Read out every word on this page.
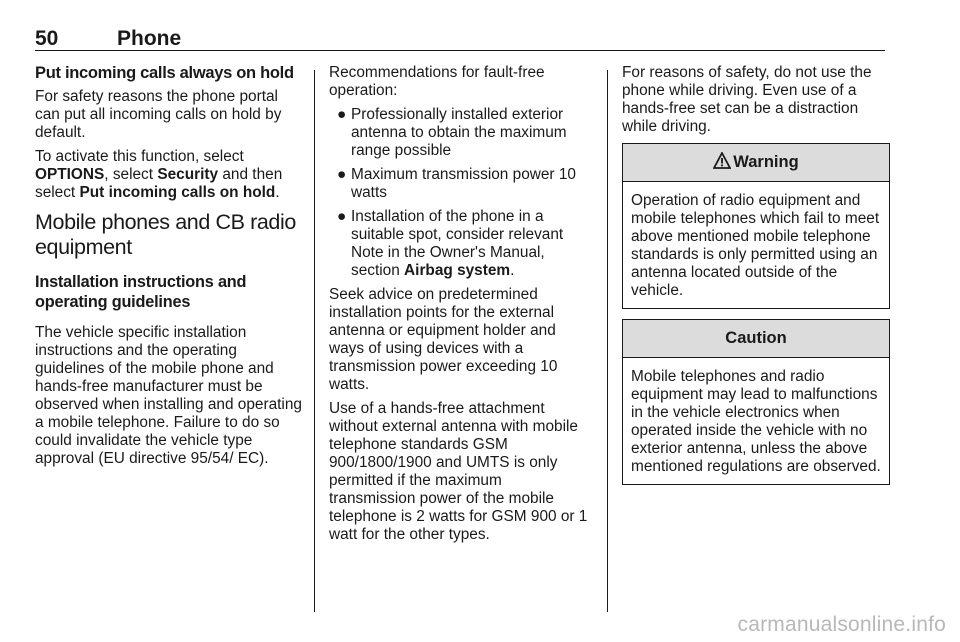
50	Phone
Put incoming calls always on hold

For safety reasons the phone portal can put all incoming calls on hold by default.

To activate this function, select
OPTIONS, select Security and then select Put incoming calls on hold.

Mobile phones and CB radio equipment
Installation instructions and operating guidelines

The vehicle specific installation instructions and the operating guidelines of the mobile phone and hands-free manufacturer must be observed when installing and operating a mobile telephone. Failure to do so could invalidate the vehicle type approval (EU directive 95/54/ EC).

Recommendations for fault-free operation:

● Professionally installed exterior antenna to obtain the maximum range possible
● Maximum transmission power 10 watts
● Installation of the phone in a suitable spot, consider relevant Note in the Owner's Manual, section Airbag system.

Seek advice on predetermined installation points for the external antenna or equipment holder and ways of using devices with a transmission power exceeding 10 watts.

Use of a hands-free attachment without external antenna with mobile telephone standards GSM 900/1800/1900 and UMTS is only permitted if the maximum transmission power of the mobile telephone is 2 watts for GSM 900 or 1 watt for the other types.

For reasons of safety, do not use the phone while driving. Even use of a hands-free set can be a distraction while driving.

Warning
Operation of radio equipment and mobile telephones which fail to meet above mentioned mobile telephone standards is only permitted using an antenna located outside of the vehicle.
Caution
Mobile telephones and radio equipment may lead to malfunctions in the vehicle electronics when operated inside the vehicle with no exterior antenna, unless the above mentioned regulations are observed.
carmanualsonline.info
